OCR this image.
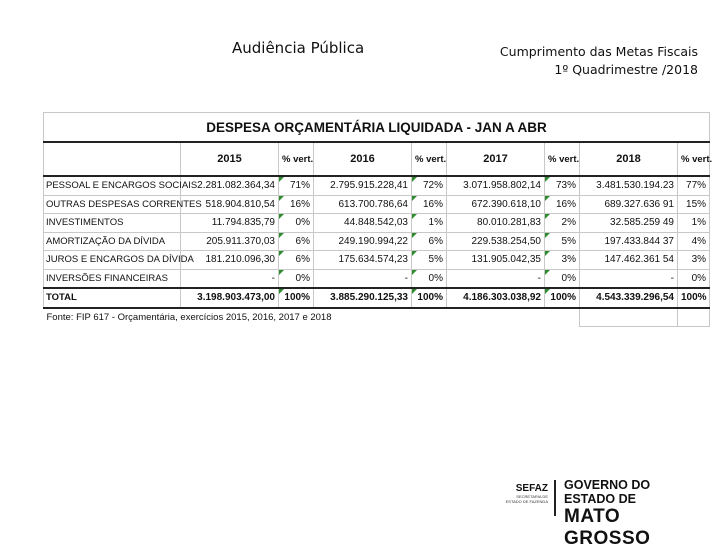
Audiência Pública	Cumprimento das Metas Fiscais
1º Quadrimestre /2018
DESPESA ORÇAMENTÁRIA LIQUIDADA - JAN A ABR								
	2015	% vert.	2016	% vert.	2017	% vert.	2018	% vert.
PESSOAL E ENCARGOS SOCIAIS	2.281.082.364,34	71%	2.795.915.228,41	72%	3.071.958.802,14	73%	3.481.530.194.23	77%
OUTRAS DESPESAS CORRENTES	518.904.810,54	16%	613.700.786,64	16%	672.390.618,10	16%	689.327.636 91	15%
INVESTIMENTOS	11.794.835,79	0%	44.848.542,03	1%	80.010.281,83	2%	32.585.259 49	1%
AMORTIZAÇÃO DA DÍVIDA	205.911.370,03	6%	249.190.994,22	6%	229.538.254,50	5%	197.433.844 37	4%
JUROS E ENCARGOS DA DÍVIDA	181.210.096,30	6%	175.634.574,23	5%	131.905.042,35	3%	147.462.361 54	3%
INVERSÕES FINANCEIRAS	-	0%	-	0%	-	0%	-	0%
TOTAL	3.198.903.473,00	100%	3.885.290.125,33	100%	4.186.303.038,92	100%	4.543.339.296,54	100%
Fonte: FIP 617 - Orçamentária, exercícios 2015, 2016, 2017 e 2018								
SEFAZ
SECRETARIA DE
ESTADO DE FAZENDA
GOVERNO DO ESTADO DE
MATO GROSSO
